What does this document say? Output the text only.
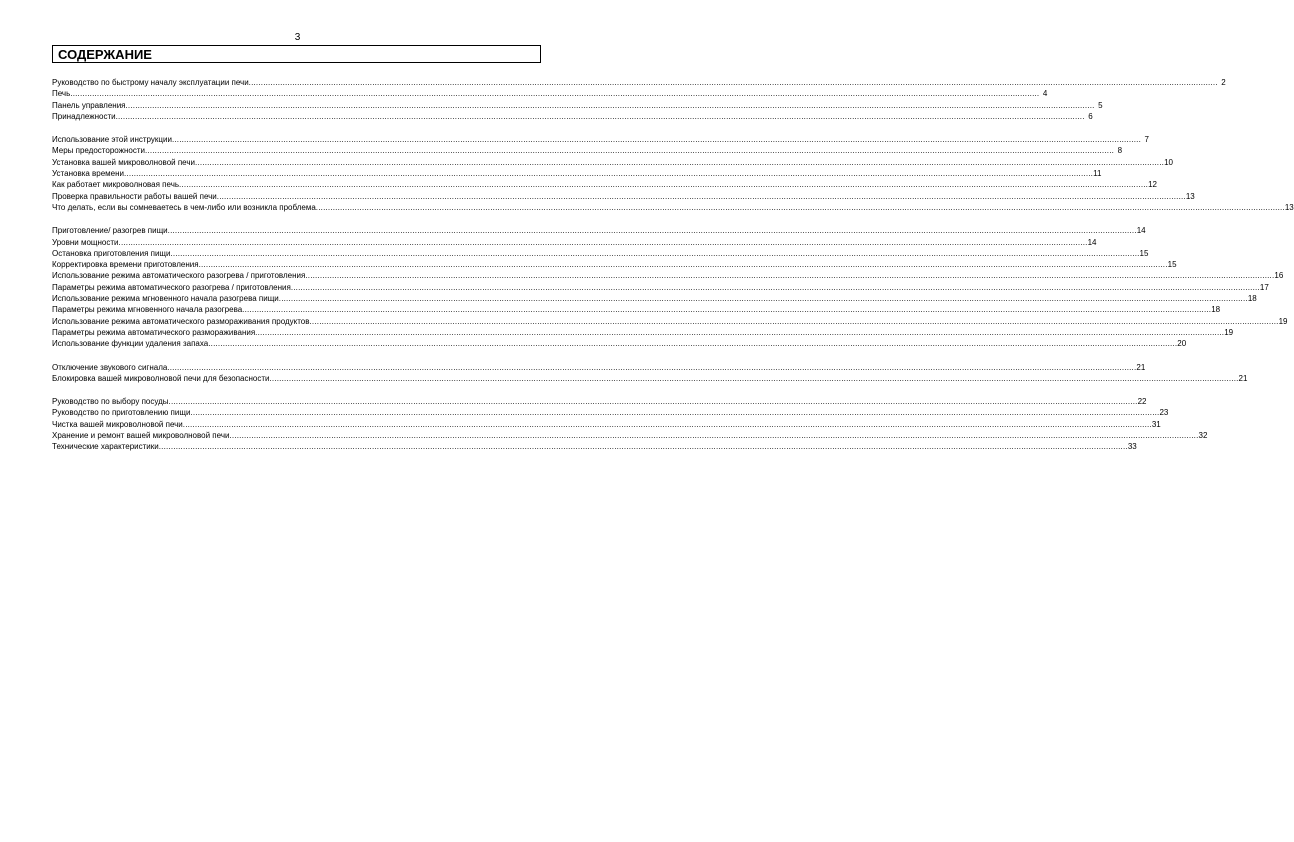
3
СОДЕРЖАНИЕ
Руководство по быстрому началу эксплуатации печи ................................................................................................................................................................................................................................................................................................................................................................................................................ 2
Печь ................................................................................................................................................................................................................................................................................................................................................................................................................ 4
Панель управления ................................................................................................................................................................................................................................................................................................................................................................................................................ 5
Принадлежности ................................................................................................................................................................................................................................................................................................................................................................................................................ 6
Использование этой инструкции ................................................................................................................................................................................................................................................................................................................................................................................................................ 7
Меры предосторожности ................................................................................................................................................................................................................................................................................................................................................................................................................ 8
Установка вашей микроволновой печи ................................................................................................................................................................................................................................................................................................................................................................................................................ 10
Установка времени ................................................................................................................................................................................................................................................................................................................................................................................................................ 11
Как работает микроволновая печь ................................................................................................................................................................................................................................................................................................................................................................................................................ 12
Проверка правильности работы вашей печи ................................................................................................................................................................................................................................................................................................................................................................................................................ 13
Что делать, если вы сомневаетесь в чем-либо или возникла проблема ................................................................................................................................................................................................................................................................................................................................................................................................................ 13
Приготовление/ разогрев пищи ................................................................................................................................................................................................................................................................................................................................................................................................................ 14
Уровни мощности ................................................................................................................................................................................................................................................................................................................................................................................................................ 14
Остановка приготовления пищи ................................................................................................................................................................................................................................................................................................................................................................................................................ 15
Корректировка времени приготовления ................................................................................................................................................................................................................................................................................................................................................................................................................ 15
Использование режима автоматического разогрева / приготовления ................................................................................................................................................................................................................................................................................................................................................................................................................ 16
Параметры режима автоматического разогрева / приготовления ................................................................................................................................................................................................................................................................................................................................................................................................................ 17
Использование режима мгновенного начала разогрева пищи ................................................................................................................................................................................................................................................................................................................................................................................................................ 18
Параметры режима мгновенного начала разогрева ................................................................................................................................................................................................................................................................................................................................................................................................................ 18
Использование режима автоматического размораживания продуктов ................................................................................................................................................................................................................................................................................................................................................................................................................ 19
Параметры режима автоматического размораживания ................................................................................................................................................................................................................................................................................................................................................................................................................ 19
Использование функции удаления запаха ................................................................................................................................................................................................................................................................................................................................................................................................................ 20
Отключение звукового сигнала ................................................................................................................................................................................................................................................................................................................................................................................................................ 21
Блокировка вашей микроволновой печи для безопасности ................................................................................................................................................................................................................................................................................................................................................................................................................ 21
Руководство по выбору посуды ................................................................................................................................................................................................................................................................................................................................................................................................................ 22
Руководство по приготовлению пищи ................................................................................................................................................................................................................................................................................................................................................................................................................ 23
Чистка вашей микроволновой печи ................................................................................................................................................................................................................................................................................................................................................................................................................ 31
Хранение и ремонт вашей микроволновой печи ................................................................................................................................................................................................................................................................................................................................................................................................................ 32
Технические характеристики ................................................................................................................................................................................................................................................................................................................................................................................................................ 33
